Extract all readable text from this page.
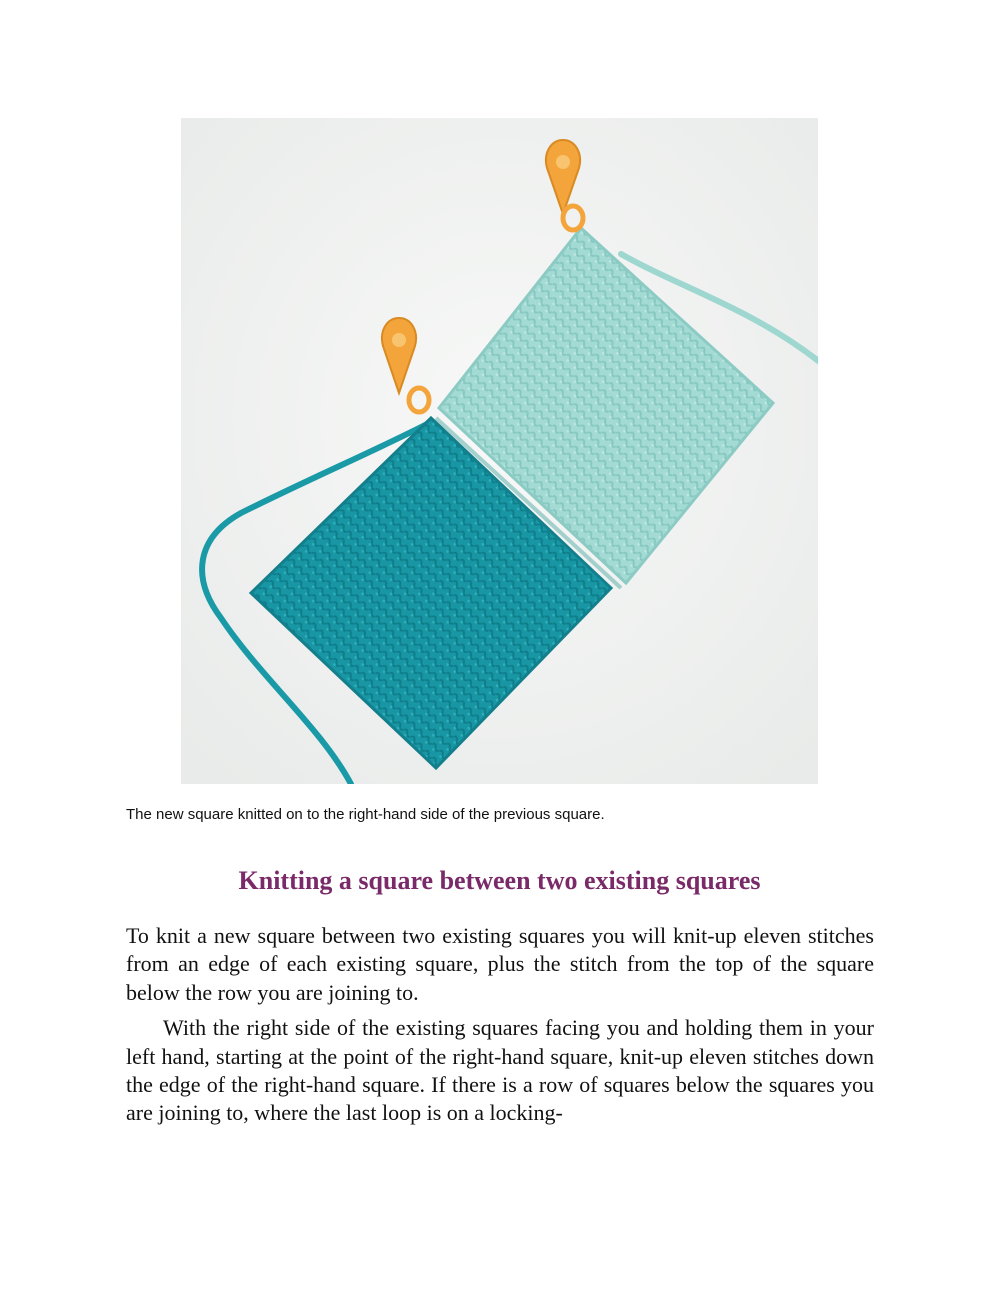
The new square knitted on to the right-hand side of the previous square.
Knitting a square between two existing squares

To knit a new square between two existing squares you will knit-up eleven stitches from an edge of each existing square, plus the stitch from the top of the square below the row you are joining to.

With the right side of the existing squares facing you and holding them in your left hand, starting at the point of the right-hand square, knit-up eleven stitches down the edge of the right-hand square. If there is a row of squares below the squares you are joining to, where the last loop is on a locking-
